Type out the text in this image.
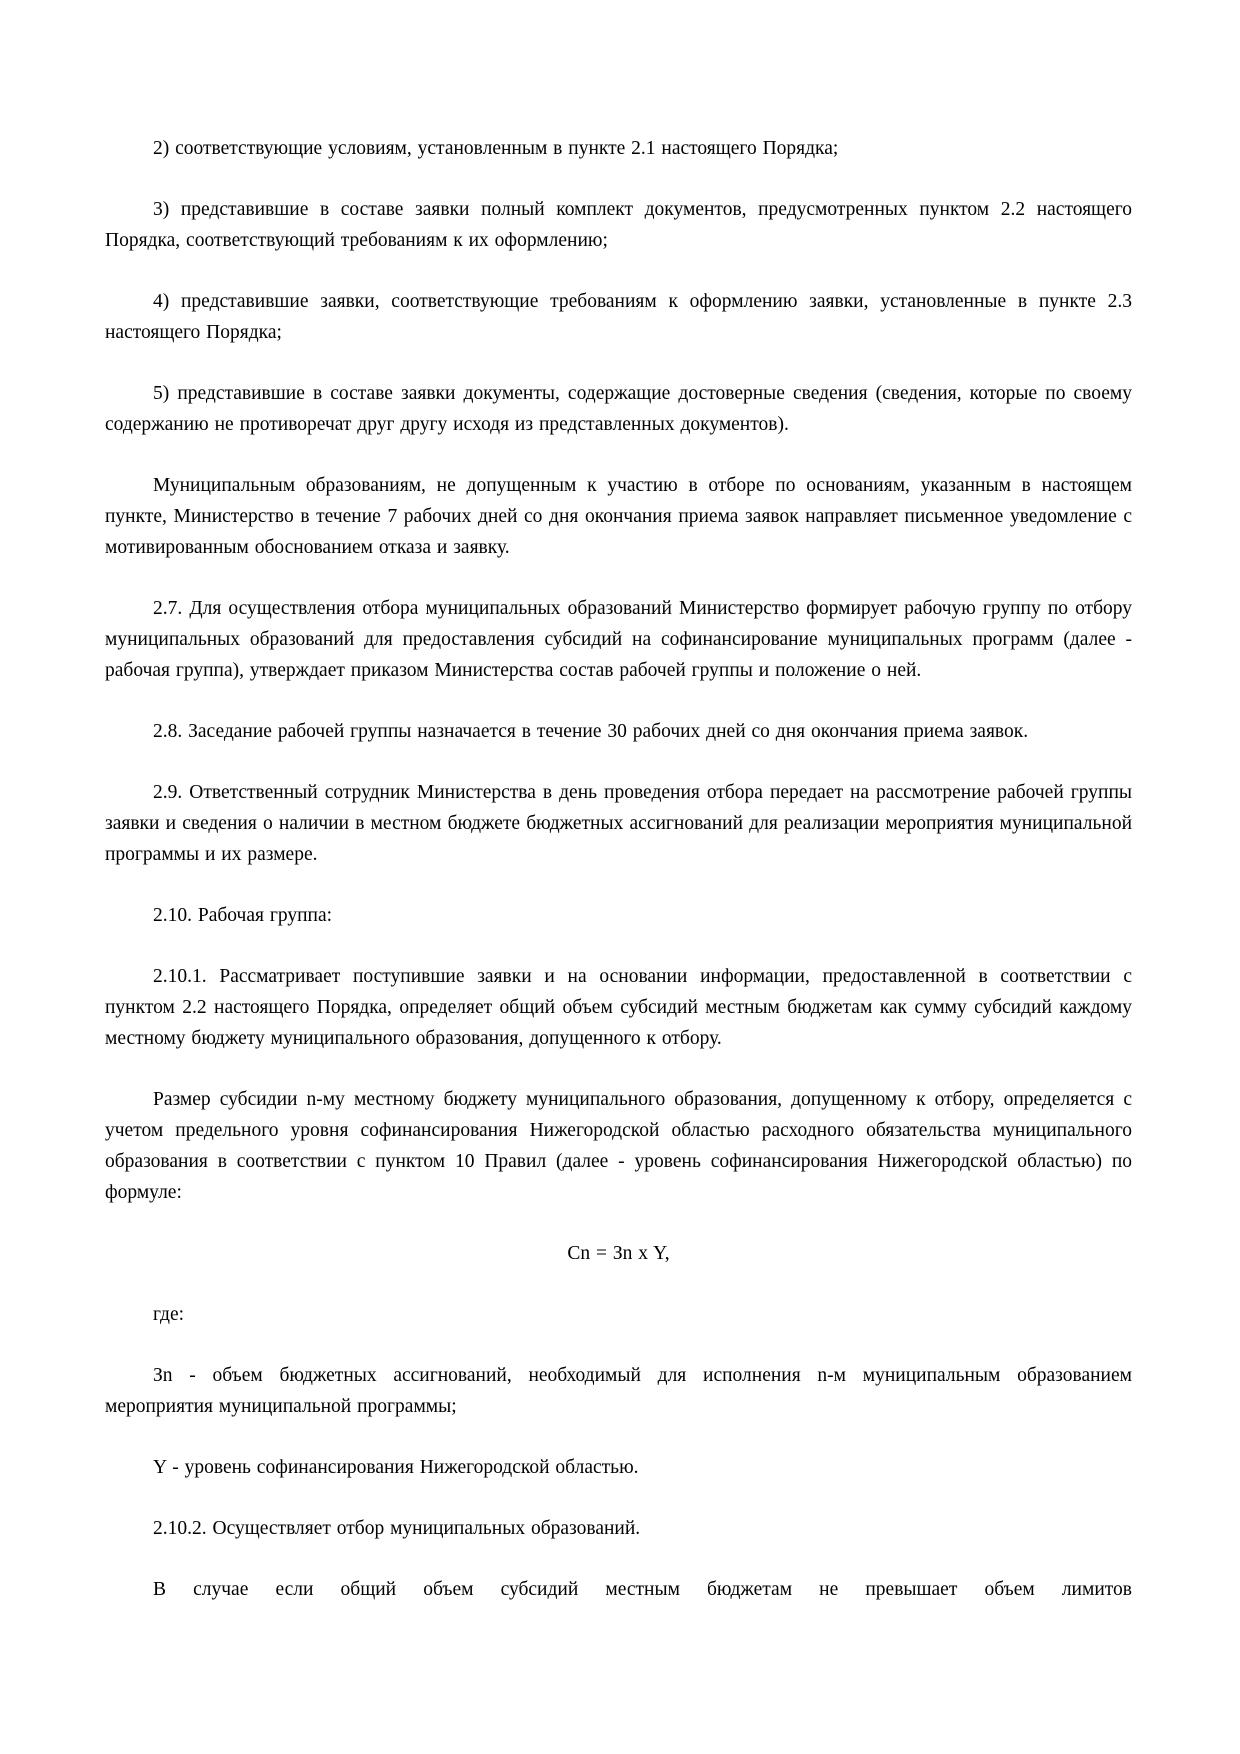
2) соответствующие условиям, установленным в пункте 2.1 настоящего Порядка;

3) представившие в составе заявки полный комплект документов, предусмотренных пунктом 2.2 настоящего Порядка, соответствующий требованиям к их оформлению;

4) представившие заявки, соответствующие требованиям к оформлению заявки, установленные в пункте 2.3 настоящего Порядка;

5) представившие в составе заявки документы, содержащие достоверные сведения (сведения, которые по своему содержанию не противоречат друг другу исходя из представленных документов).

Муниципальным образованиям, не допущенным к участию в отборе по основаниям, указанным в настоящем пункте, Министерство в течение 7 рабочих дней со дня окончания приема заявок направляет письменное уведомление с мотивированным обоснованием отказа и заявку.

2.7. Для осуществления отбора муниципальных образований Министерство формирует рабочую группу по отбору муниципальных образований для предоставления субсидий на софинансирование муниципальных программ (далее - рабочая группа), утверждает приказом Министерства состав рабочей группы и положение о ней.

2.8. Заседание рабочей группы назначается в течение 30 рабочих дней со дня окончания приема заявок.

2.9. Ответственный сотрудник Министерства в день проведения отбора передает на рассмотрение рабочей группы заявки и сведения о наличии в местном бюджете бюджетных ассигнований для реализации мероприятия муниципальной программы и их размере.

2.10. Рабочая группа:

2.10.1. Рассматривает поступившие заявки и на основании информации, предоставленной в соответствии с пунктом 2.2 настоящего Порядка, определяет общий объем субсидий местным бюджетам как сумму субсидий каждому местному бюджету муниципального образования, допущенного к отбору.

Размер субсидии n-му местному бюджету муниципального образования, допущенному к отбору, определяется с учетом предельного уровня софинансирования Нижегородской областью расходного обязательства муниципального образования в соответствии с пунктом 10 Правил (далее - уровень софинансирования Нижегородской областью) по формуле:

Cn = Зn x Y,

где:

Зn - объем бюджетных ассигнований, необходимый для исполнения n-м муниципальным образованием мероприятия муниципальной программы;

Y - уровень софинансирования Нижегородской областью.

2.10.2. Осуществляет отбор муниципальных образований.

В случае если общий объем субсидий местным бюджетам не превышает объем лимитов
